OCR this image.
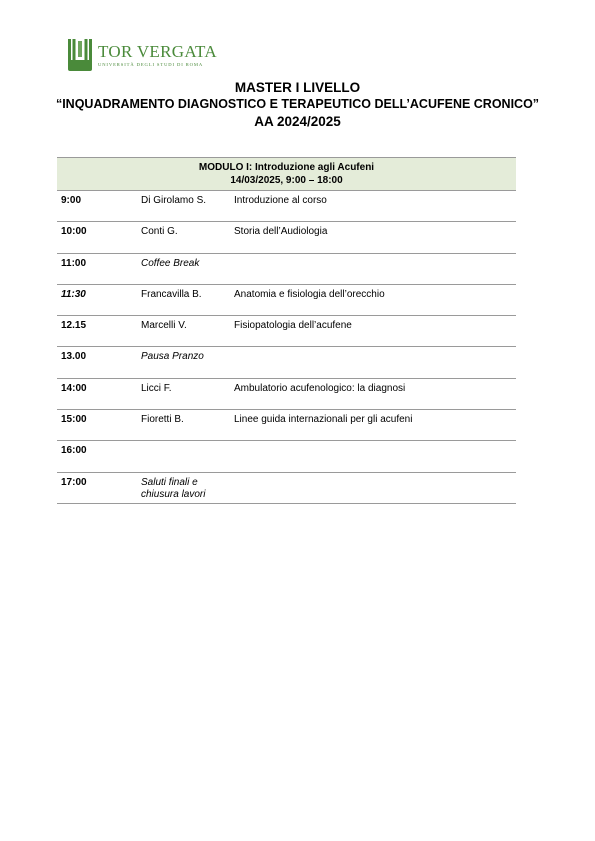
TOR VERGATA
UNIVERSITÀ DEGLI STUDI DI ROMA
MASTER I LIVELLO
“INQUADRAMENTO DIAGNOSTICO E TERAPEUTICO DELL’ACUFENE CRONICO”
AA 2024/2025
MODULO I: Introduzione agli Acufeni
14/03/2025, 9:00 – 18:00		

9:00	Di Girolamo S.	Introduzione al corso
10:00	Conti G.	Storia dell’Audiologia
11:00	Coffee Break	
11:30	Francavilla B.	Anatomia e fisiologia dell’orecchio
12.15	Marcelli V.	Fisiopatologia dell’acufene
13.00	Pausa Pranzo	
14:00	Licci F.	Ambulatorio acufenologico: la diagnosi
15:00	Fioretti B.	Linee guida internazionali per gli acufeni
16:00		
17:00	Saluti finali e chiusura lavori	
